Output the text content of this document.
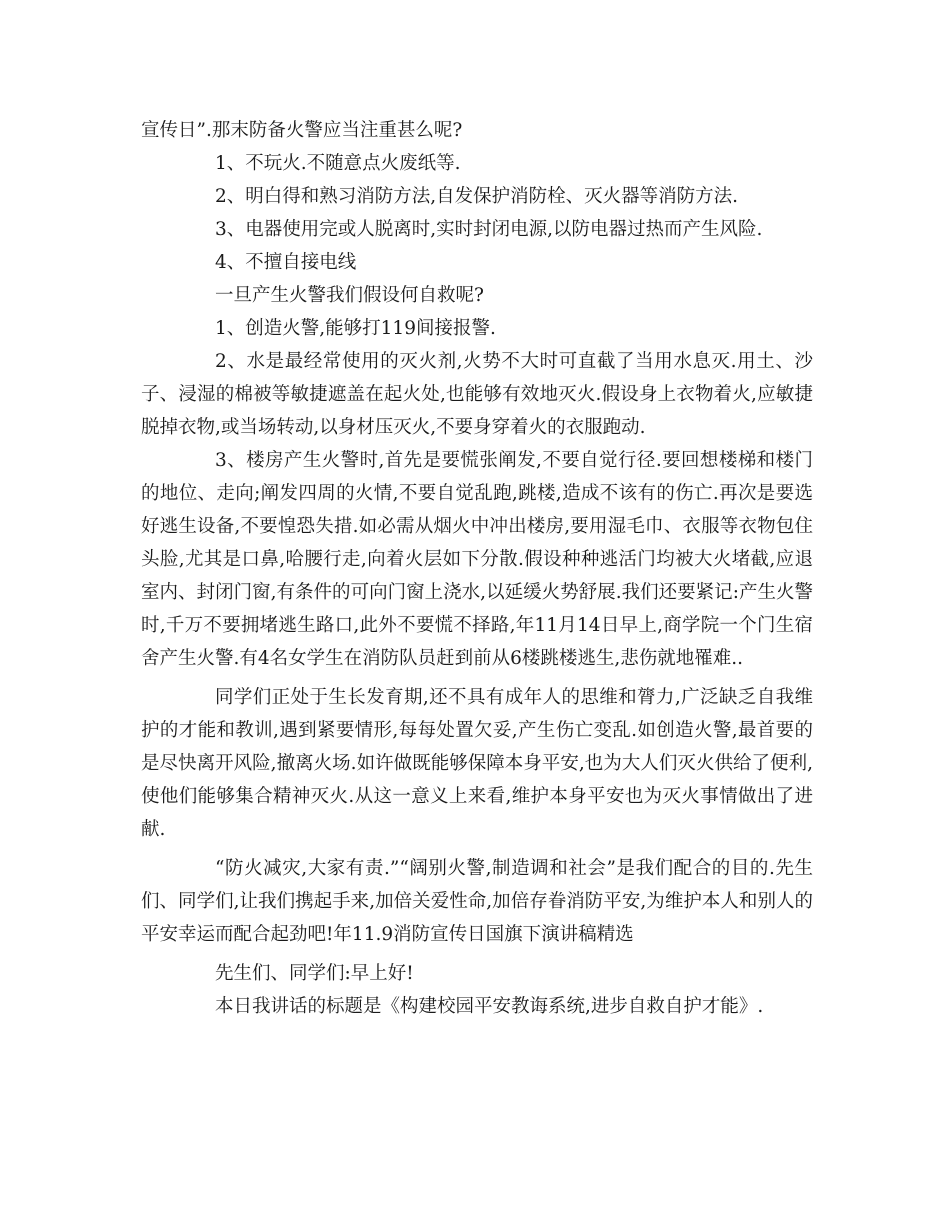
宣传日”.那末防备火警应当注重甚么呢?

1、不玩火.不随意点火废纸等.

2、明白得和熟习消防方法,自发保护消防栓、灭火器等消防方法.

3、电器使用完或人脱离时,实时封闭电源,以防电器过热而产生风险.

4、不擅自接电线

一旦产生火警我们假设何自救呢?

1、创造火警,能够打119间接报警.

2、水是最经常使用的灭火剂,火势不大时可直截了当用水息灭.用土、沙子、浸湿的棉被等敏捷遮盖在起火处,也能够有效地灭火.假设身上衣物着火,应敏捷脱掉衣物,或当场转动,以身材压灭火,不要身穿着火的衣服跑动.

3、楼房产生火警时,首先是要慌张阐发,不要自觉行径.要回想楼梯和楼门的地位、走向;阐发四周的火情,不要自觉乱跑,跳楼,造成不该有的伤亡.再次是要选好逃生设备,不要惶恐失措.如必需从烟火中冲出楼房,要用湿毛巾、衣服等衣物包住头脸,尤其是口鼻,哈腰行走,向着火层如下分散.假设种种逃活门均被大火堵截,应退室内、封闭门窗,有条件的可向门窗上浇水,以延缓火势舒展.我们还要紧记:产生火警时,千万不要拥堵逃生路口,此外不要慌不择路,年11月14日早上,商学院一个门生宿舍产生火警.有4名女学生在消防队员赶到前从6楼跳楼逃生,悲伤就地罹难..

同学们正处于生长发育期,还不具有成年人的思维和膂力,广泛缺乏自我维护的才能和教训,遇到紧要情形,每每处置欠妥,产生伤亡变乱.如创造火警,最首要的是尽快离开风险,撤离火场.如许做既能够保障本身平安,也为大人们灭火供给了便利,使他们能够集合精神灭火.从这一意义上来看,维护本身平安也为灭火事情做出了进献.

“防火减灾,大家有责.”“阔别火警,制造调和社会”是我们配合的目的.先生们、同学们,让我们携起手来,加倍关爱性命,加倍存眷消防平安,为维护本人和别人的平安幸运而配合起劲吧!年11.9消防宣传日国旗下演讲稿精选

先生们、同学们:早上好!

本日我讲话的标题是《构建校园平安教诲系统,进步自救自护才能》.
